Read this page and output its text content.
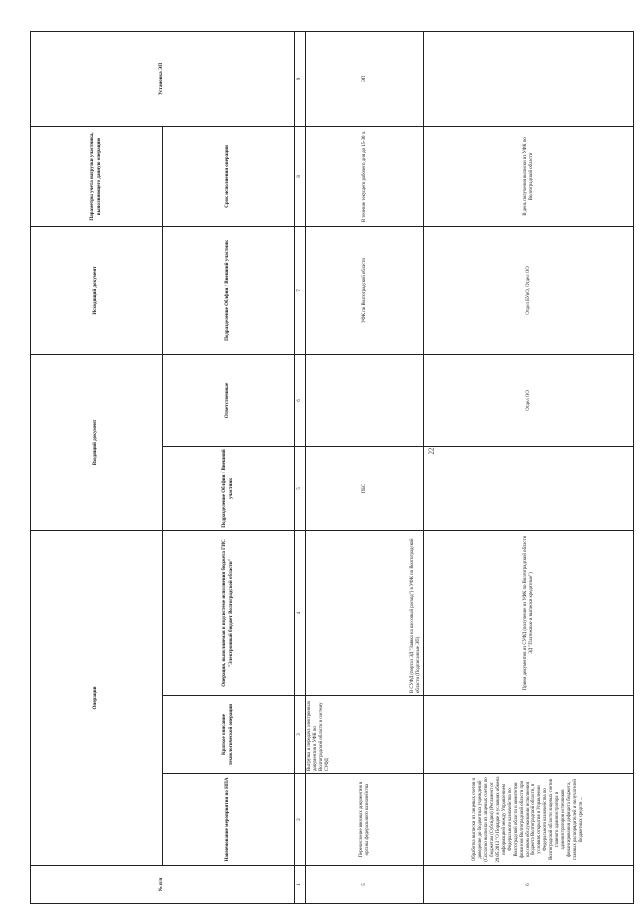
22
№ п/п	Операции			Входящий документ		Исходящий документ	Параметры учета нагрузки участника, выполняющего данную операцию	Установка ЭП
	Наименование мероприятия по НПА	Краткое описание технологической операции	Операция, выполняемая в подсистеме исполнения бюджета ГИС "Электронный бюджет Волгоградской области"	Подразделение Облфин / Внешний участник	Ответственные	Подразделение Облфин / Внешний участник	Срок исполнения операции	
1	2	3	4	5	6	7	8	9
5	Перечисление ввозных документов в органы федерального казначейства	Выгрузка и передача электронных документов в УФК по Волгоградской области в систему СУФД	В СУФД (портал ЭД "Заявка на кассовый расход") в УФК по Волгоградской области (Подписанные ЭП)	ПБС		УФК по Волгоградской области	В течение текущего рабочего дня до 15-30 ч.	ЭП
6	Обработка выписки из лицевых счетов и доведение до бюджетных учреждений (Согласно выписки из лицевых счетов по бюджетам (Субсидии) (Регламент от 29.05.2013 "О Порядке в условиях обмена информацией между Управлением Федерального казначейства по Волгоградской области и комитетом финансов Волгоградской области при кассовом обслуживании исполнения бюджета Волгоградской области, в условиях открытия в Управлении Федерального казначейства по Волгоградской области лицевых счетов главного администратора и администраторов источников финансирования дефицита бюджета, главных распорядителей и получателей бюджетных средств ...		Прием документов из СУФД (получение из УФК по Волгоградской области ЭД "Платежные и выписки кредитные")		Отдел ОО	Отдел БУиО, Отдел ОО	В день получения выписки из УФК по Волгоградской области	
